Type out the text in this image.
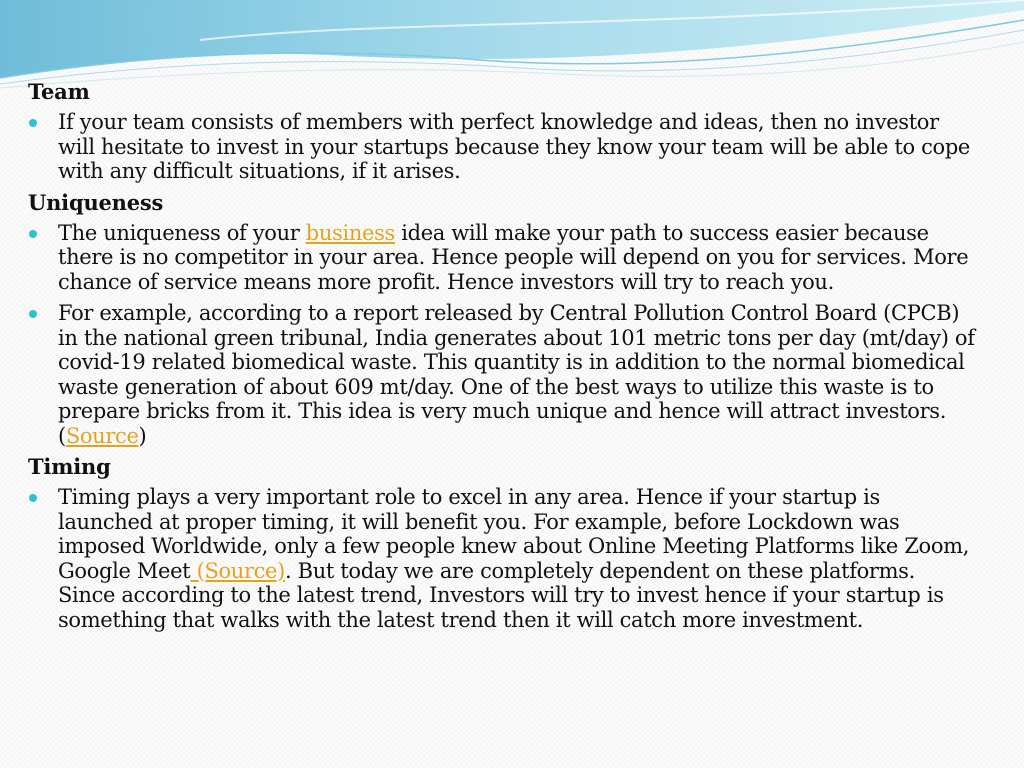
Team
If your team consists of members with perfect knowledge and ideas, then no investor will hesitate to invest in your startups because they know your team will be able to cope with any difficult situations, if it arises.
Uniqueness
The uniqueness of your business idea will make your path to success easier because there is no competitor in your area. Hence people will depend on you for services. More chance of service means more profit. Hence investors will try to reach you.
For example, according to a report released by Central Pollution Control Board (CPCB) in the national green tribunal, India generates about 101 metric tons per day (mt/day) of covid-19 related biomedical waste. This quantity is in addition to the normal biomedical waste generation of about 609 mt/day. One of the best ways to utilize this waste is to prepare bricks from it. This idea is very much unique and hence will attract investors. (Source)
Timing
Timing plays a very important role to excel in any area. Hence if your startup is launched at proper timing, it will benefit you. For example, before Lockdown was imposed Worldwide, only a few people knew about Online Meeting Platforms like Zoom, Google Meet (Source). But today we are completely dependent on these platforms. Since according to the latest trend, Investors will try to invest hence if your startup is something that walks with the latest trend then it will catch more investment.
